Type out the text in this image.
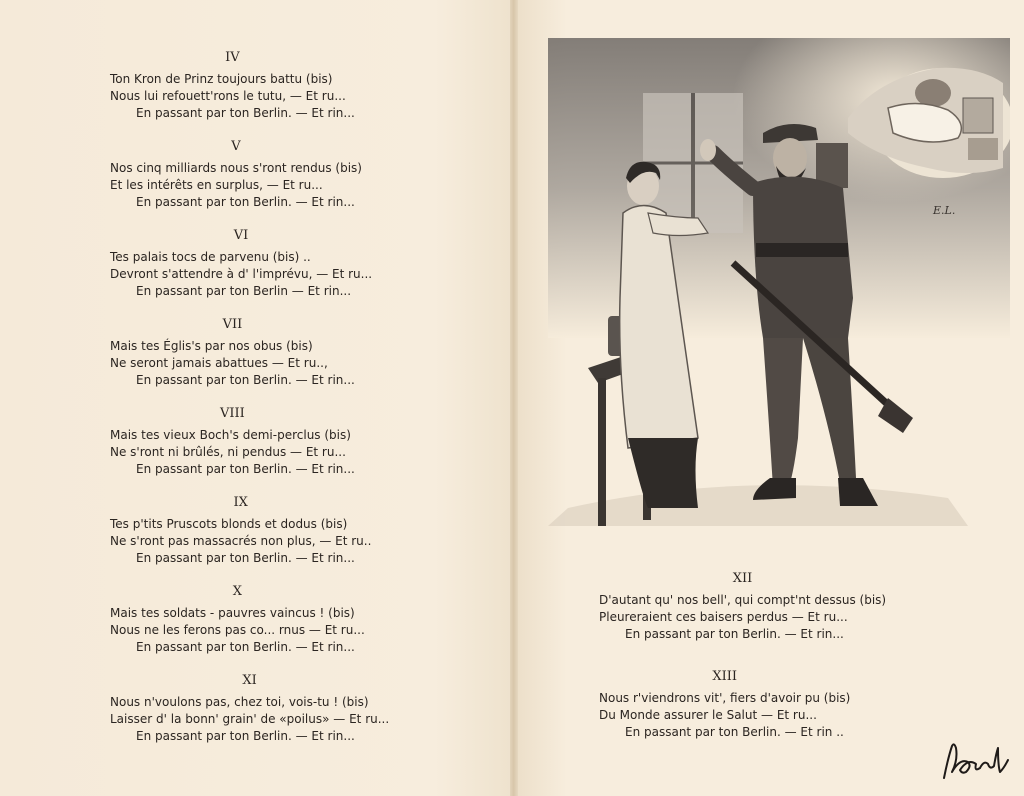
IV
Ton Kron de Prinz toujours battu (bis)
Nous lui refouett'rons le tutu, — Et ru...
En passant par ton Berlin. — Et rin...
V
Nos cinq milliards nous s'ront rendus (bis)
Et les intérêts en surplus, — Et ru...
En passant par ton Berlin. — Et rin...
VI
Tes palais tocs de parvenu (bis) ..
Devront s'attendre à d' l'imprévu, — Et ru...
En passant par ton Berlin — Et rin...
VII
Mais tes Églis's par nos obus (bis)
Ne seront jamais abattues — Et ru..,
En passant par ton Berlin. — Et rin...
VIII
Mais tes vieux Boch's demi-perclus (bis)
Ne s'ront ni brûlés, ni pendus — Et ru...
En passant par ton Berlin. — Et rin...
IX
Tes p'tits Pruscots blonds et dodus (bis)
Ne s'ront pas massacrés non plus, — Et ru..
En passant par ton Berlin. — Et rin...
X
Mais tes soldats - pauvres vaincus ! (bis)
Nous ne les ferons pas co... rnus — Et ru...
En passant par ton Berlin. — Et rin...
XI
Nous n'voulons pas, chez toi, vois-tu ! (bis)
Laisser d' la bonn' grain' de «poilus» — Et ru...
En passant par ton Berlin. — Et rin...
E.L.
XII
D'autant qu' nos bell', qui compt'nt dessus (bis)
Pleureraient ces baisers perdus — Et ru...
En passant par ton Berlin. — Et rin...
XIII
Nous r'viendrons vit', fiers d'avoir pu (bis)
Du Monde assurer le Salut — Et ru...
En passant par ton Berlin. — Et rin ..
